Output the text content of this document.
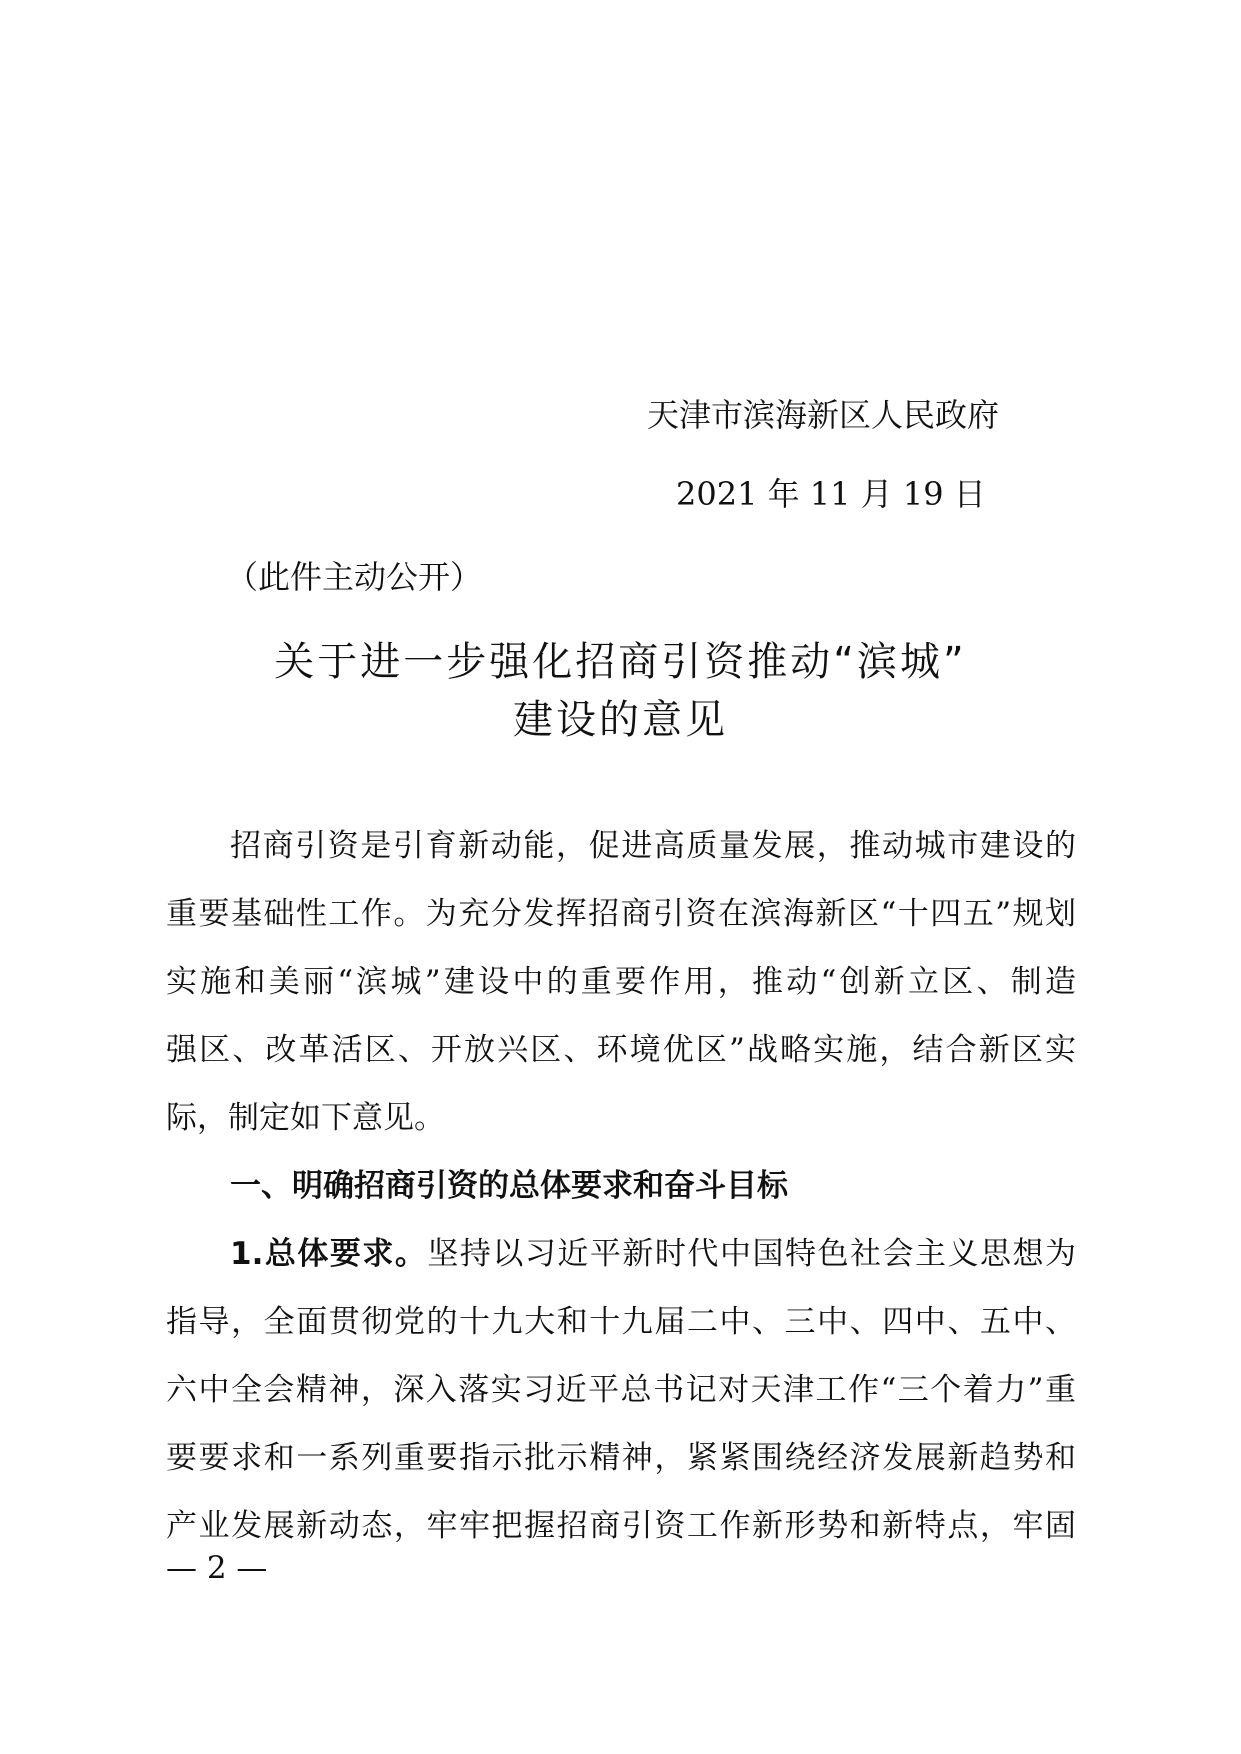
天津市滨海新区人民政府
2021 年 11 月 19 日
（此件主动公开）
关于进一步强化招商引资推动“滨城”
建设的意见
招商引资是引育新动能，促进高质量发展，推动城市建设的
重要基础性工作。为充分发挥招商引资在滨海新区“十四五”规划
实施和美丽“滨城”建设中的重要作用，推动“创新立区、制造
强区、改革活区、开放兴区、环境优区”战略实施，结合新区实
际，制定如下意见。
一、明确招商引资的总体要求和奋斗目标
1.总体要求。坚持以习近平新时代中国特色社会主义思想为
指导，全面贯彻党的十九大和十九届二中、三中、四中、五中、
六中全会精神，深入落实习近平总书记对天津工作“三个着力”重
要要求和一系列重要指示批示精神，紧紧围绕经济发展新趋势和
产业发展新动态，牢牢把握招商引资工作新形势和新特点，牢固
— 2 —
